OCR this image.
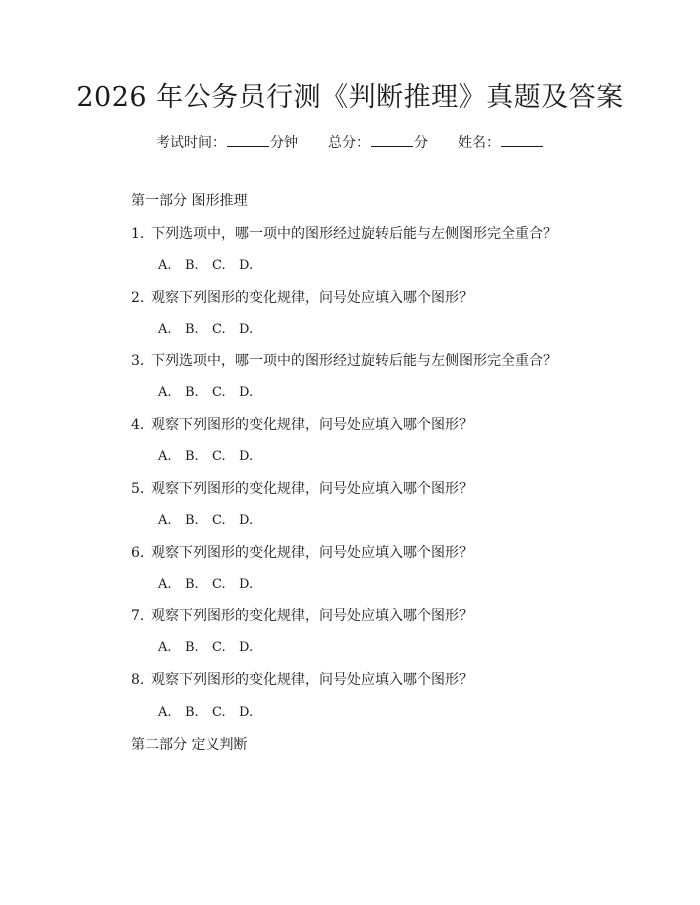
2026 年公务员行测《判断推理》真题及答案
考试时间：	分钟 总分：	分 姓名：
第一部分 图形推理
1. 下列选项中，哪一项中的图形经过旋转后能与左侧图形完全重合？
A. B. C. D.
2. 观察下列图形的变化规律，问号处应填入哪个图形？
A. B. C. D.
3. 下列选项中，哪一项中的图形经过旋转后能与左侧图形完全重合？
A. B. C. D.
4. 观察下列图形的变化规律，问号处应填入哪个图形？
A. B. C. D.
5. 观察下列图形的变化规律，问号处应填入哪个图形？
A. B. C. D.
6. 观察下列图形的变化规律，问号处应填入哪个图形？
A. B. C. D.
7. 观察下列图形的变化规律，问号处应填入哪个图形？
A. B. C. D.
8. 观察下列图形的变化规律，问号处应填入哪个图形？
A. B. C. D.
第二部分 定义判断
